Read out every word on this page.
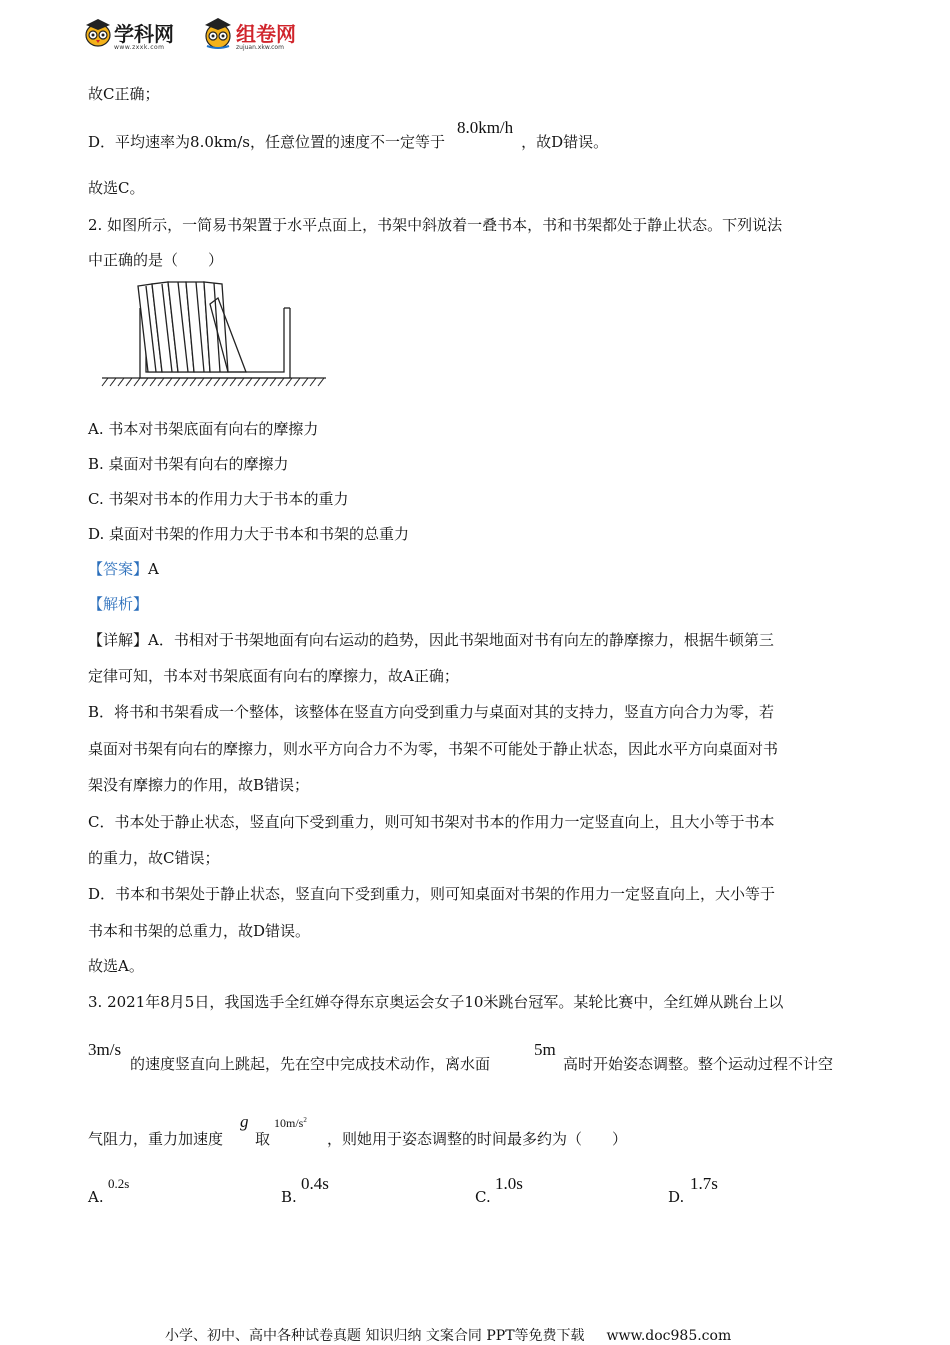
学科网
www.zxxk.com
组卷网
zujuan.xkw.com
故C正确；
D．平均速率为8.0km/s，任意位置的速度不一定等于8.0km/h，故D错误。
故选C。
2. 如图所示，一简易书架置于水平点面上，书架中斜放着一叠书本，书和书架都处于静止状态。下列说法
中正确的是（　　）
A. 书本对书架底面有向右的摩擦力
B. 桌面对书架有向右的摩擦力
C. 书架对书本的作用力大于书本的重力
D. 桌面对书架的作用力大于书本和书架的总重力
【答案】A
【解析】
【详解】A．书相对于书架地面有向右运动的趋势，因此书架地面对书有向左的静摩擦力，根据牛顿第三
定律可知，书本对书架底面有向右的摩擦力，故A正确；
B．将书和书架看成一个整体，该整体在竖直方向受到重力与桌面对其的支持力，竖直方向合力为零，若
桌面对书架有向右的摩擦力，则水平方向合力不为零，书架不可能处于静止状态，因此水平方向桌面对书
架没有摩擦力的作用，故B错误；
C．书本处于静止状态，竖直向下受到重力，则可知书架对书本的作用力一定竖直向上，且大小等于书本
的重力，故C错误；
D．书本和书架处于静止状态，竖直向下受到重力，则可知桌面对书架的作用力一定竖直向上，大小等于
书本和书架的总重力，故D错误。
故选A。
3. 2021年8月5日，我国选手全红婵夺得东京奥运会女子10米跳台冠军。某轮比赛中，全红婵从跳台上以
3m/s
的速度竖直向上跳起，先在空中完成技术动作，离水面
5m
高时开始姿态调整。整个运动过程不计空
气阻力，重力加速度
g
取
$10m/s^2$
，则她用于姿态调整的时间最多约为（　　）
A.
0.2s
B.
0.4s
C.
1.0s
D.
1.7s
小学、初中、高中各种试卷真题 知识归纳 文案合同 PPT等免费下载 www.doc985.com
